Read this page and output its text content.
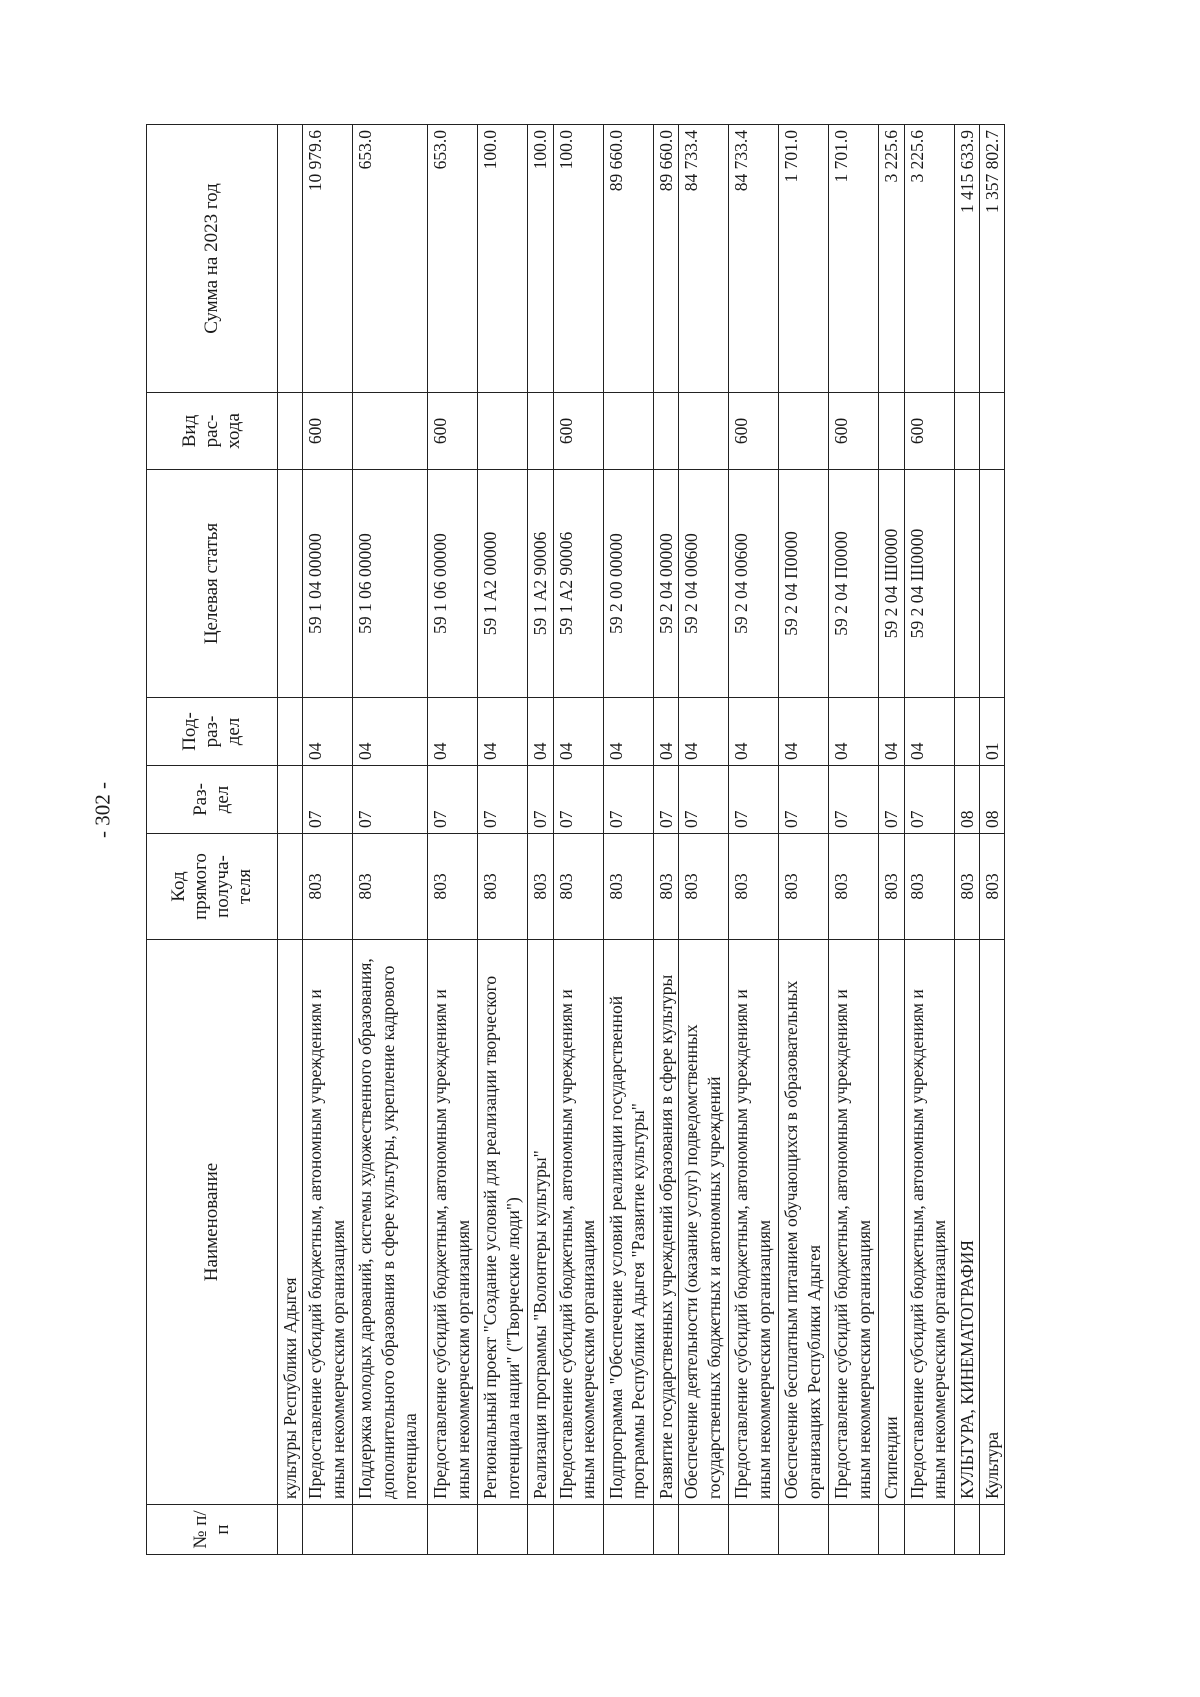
- 302 -
№ п/п	Наименование	Код прямого получа-теля	Раз-дел	Под-раз-дел	Целевая статья	Вид рас-хода	Сумма на 2023 год
	культуры Республики Адыгея						
	Предоставление субсидий бюджетным, автономным учреждениям и иным некоммерческим организациям	803	07	04	59 1 04 00000	600	10 979.6
	Поддержка молодых дарований, системы художественного образования, дополнительного образования в сфере культуры, укрепление кадрового потенциала	803	07	04	59 1 06 00000		653.0
	Предоставление субсидий бюджетным, автономным учреждениям и иным некоммерческим организациям	803	07	04	59 1 06 00000	600	653.0
	Региональный проект "Создание условий для реализации творческого потенциала нации" ("Творческие люди")	803	07	04	59 1 A2 00000		100.0
	Реализация программы "Волонтеры культуры"	803	07	04	59 1 A2 90006		100.0
	Предоставление субсидий бюджетным, автономным учреждениям и иным некоммерческим организациям	803	07	04	59 1 A2 90006	600	100.0
	Подпрограмма "Обеспечение условий реализации государственной программы Республики Адыгея "Развитие культуры"	803	07	04	59 2 00 00000		89 660.0
	Развитие государственных учреждений образования в сфере культуры	803	07	04	59 2 04 00000		89 660.0
	Обеспечение деятельности (оказание услуг) подведомственных государственных бюджетных и автономных учреждений	803	07	04	59 2 04 00600		84 733.4
	Предоставление субсидий бюджетным, автономным учреждениям и иным некоммерческим организациям	803	07	04	59 2 04 00600	600	84 733.4
	Обеспечение бесплатным питанием обучающихся в образовательных организациях Республики Адыгея	803	07	04	59 2 04 П0000		1 701.0
	Предоставление субсидий бюджетным, автономным учреждениям и иным некоммерческим организациям	803	07	04	59 2 04 П0000	600	1 701.0
	Стипендии	803	07	04	59 2 04 Ш0000		3 225.6
	Предоставление субсидий бюджетным, автономным учреждениям и иным некоммерческим организациям	803	07	04	59 2 04 Ш0000	600	3 225.6
	КУЛЬТУРА, КИНЕМАТОГРАФИЯ	803	08				1 415 633.9
	Культура	803	08	01			1 357 802.7
